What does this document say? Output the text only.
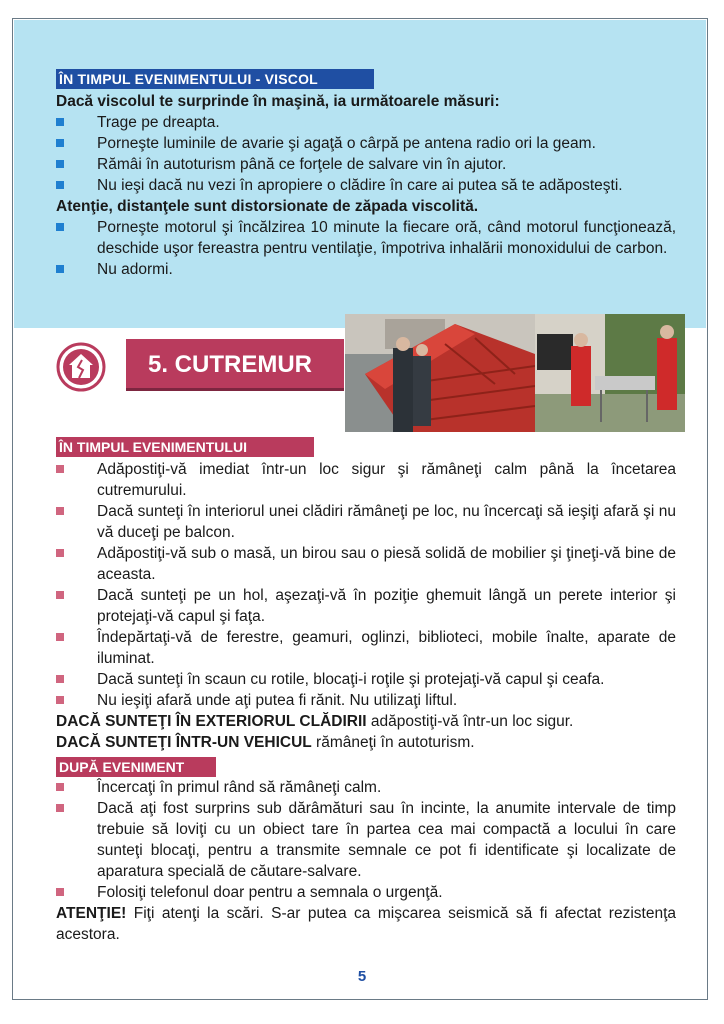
ÎN TIMPUL EVENIMENTULUI - VISCOL
Dacă viscolul te surprinde în maşină, ia următoarele măsuri:
Trage pe dreapta.
Porneşte luminile de avarie şi agaţă o cârpă pe antena radio ori la geam.
Rămâi în autoturism până ce forţele de salvare vin în ajutor.
Nu ieşi dacă nu vezi în apropiere o clădire în care ai putea să te adăposteşti.
Atenţie, distanţele sunt distorsionate de zăpada viscolită.
Porneşte motorul şi încălzirea 10 minute la fiecare oră, când motorul funcţionează, deschide uşor fereastra pentru ventilaţie, împotriva inhalării monoxidului de carbon.
Nu adormi.
5. CUTREMUR
ÎN TIMPUL EVENIMENTULUI
Adăpostiţi-vă imediat într-un loc sigur şi rămâneţi calm până la încetarea cutremurului.
Dacă sunteţi în interiorul unei clădiri rămâneţi pe loc, nu încercaţi să ieşiţi afară şi nu vă duceţi pe balcon.
Adăpostiţi-vă sub o masă, un birou sau o piesă solidă de mobilier şi ţineţi-vă bine de aceasta.
Dacă sunteţi pe un hol, aşezaţi-vă în poziţie ghemuit lângă un perete interior şi protejaţi-vă capul şi faţa.
Îndepărtaţi-vă de ferestre, geamuri, oglinzi, biblioteci, mobile înalte, aparate de iluminat.
Dacă sunteţi în scaun cu rotile, blocaţi-i roţile şi protejaţi-vă capul şi ceafa.
Nu ieşiţi afară unde aţi putea fi rănit. Nu utilizaţi liftul.
DACĂ SUNTEŢI ÎN EXTERIORUL CLĂDIRII adăpostiţi-vă într-un loc sigur.
DACĂ SUNTEŢI ÎNTR-UN VEHICUL rămâneţi în autoturism.
DUPĂ EVENIMENT
Încercaţi în primul rând să rămâneţi calm.
Dacă aţi fost surprins sub dărâmături sau în incinte, la anumite intervale de timp trebuie să loviţi cu un obiect tare în partea cea mai compactă a locului în care sunteţi blocaţi, pentru a transmite semnale ce pot fi identificate şi localizate de aparatura specială de căutare-salvare.
Folosiţi telefonul doar pentru a semnala o urgenţă.
ATENŢIE! Fiţi atenţi la scări. S-ar putea ca mişcarea seismică să fi afectat rezistenţa acestora.
5
